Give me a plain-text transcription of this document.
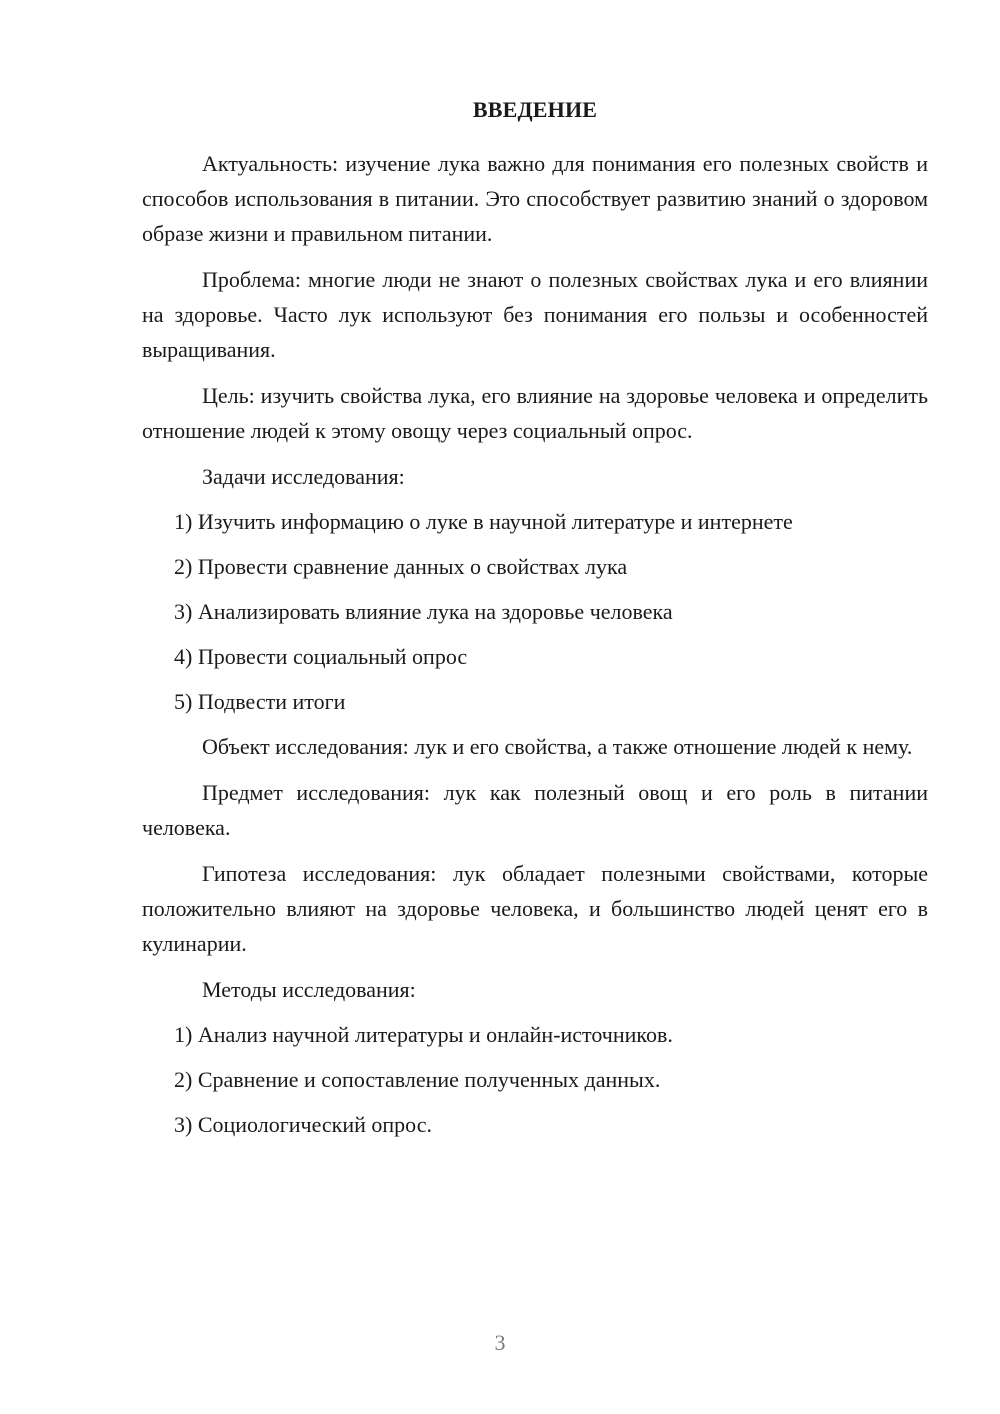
ВВЕДЕНИЕ

Актуальность: изучение лука важно для понимания его полезных свойств и способов использования в питании. Это способствует развитию знаний о здоровом образе жизни и правильном питании.

Проблема: многие люди не знают о полезных свойствах лука и его влиянии на здоровье. Часто лук используют без понимания его пользы и особенностей выращивания.

Цель: изучить свойства лука, его влияние на здоровье человека и определить отношение людей к этому овощу через социальный опрос.

Задачи исследования:
1) Изучить информацию о луке в научной литературе и интернете
2) Провести сравнение данных о свойствах лука
3) Анализировать влияние лука на здоровье человека
4) Провести социальный опрос
5) Подвести итоги

Объект исследования: лук и его свойства, а также отношение людей к нему.

Предмет исследования: лук как полезный овощ и его роль в питании человека.

Гипотеза исследования: лук обладает полезными свойствами, которые положительно влияют на здоровье человека, и большинство людей ценят его в кулинарии.

Методы исследования:
1) Анализ научной литературы и онлайн-источников.
2) Сравнение и сопоставление полученных данных.
3) Социологический опрос.
3
